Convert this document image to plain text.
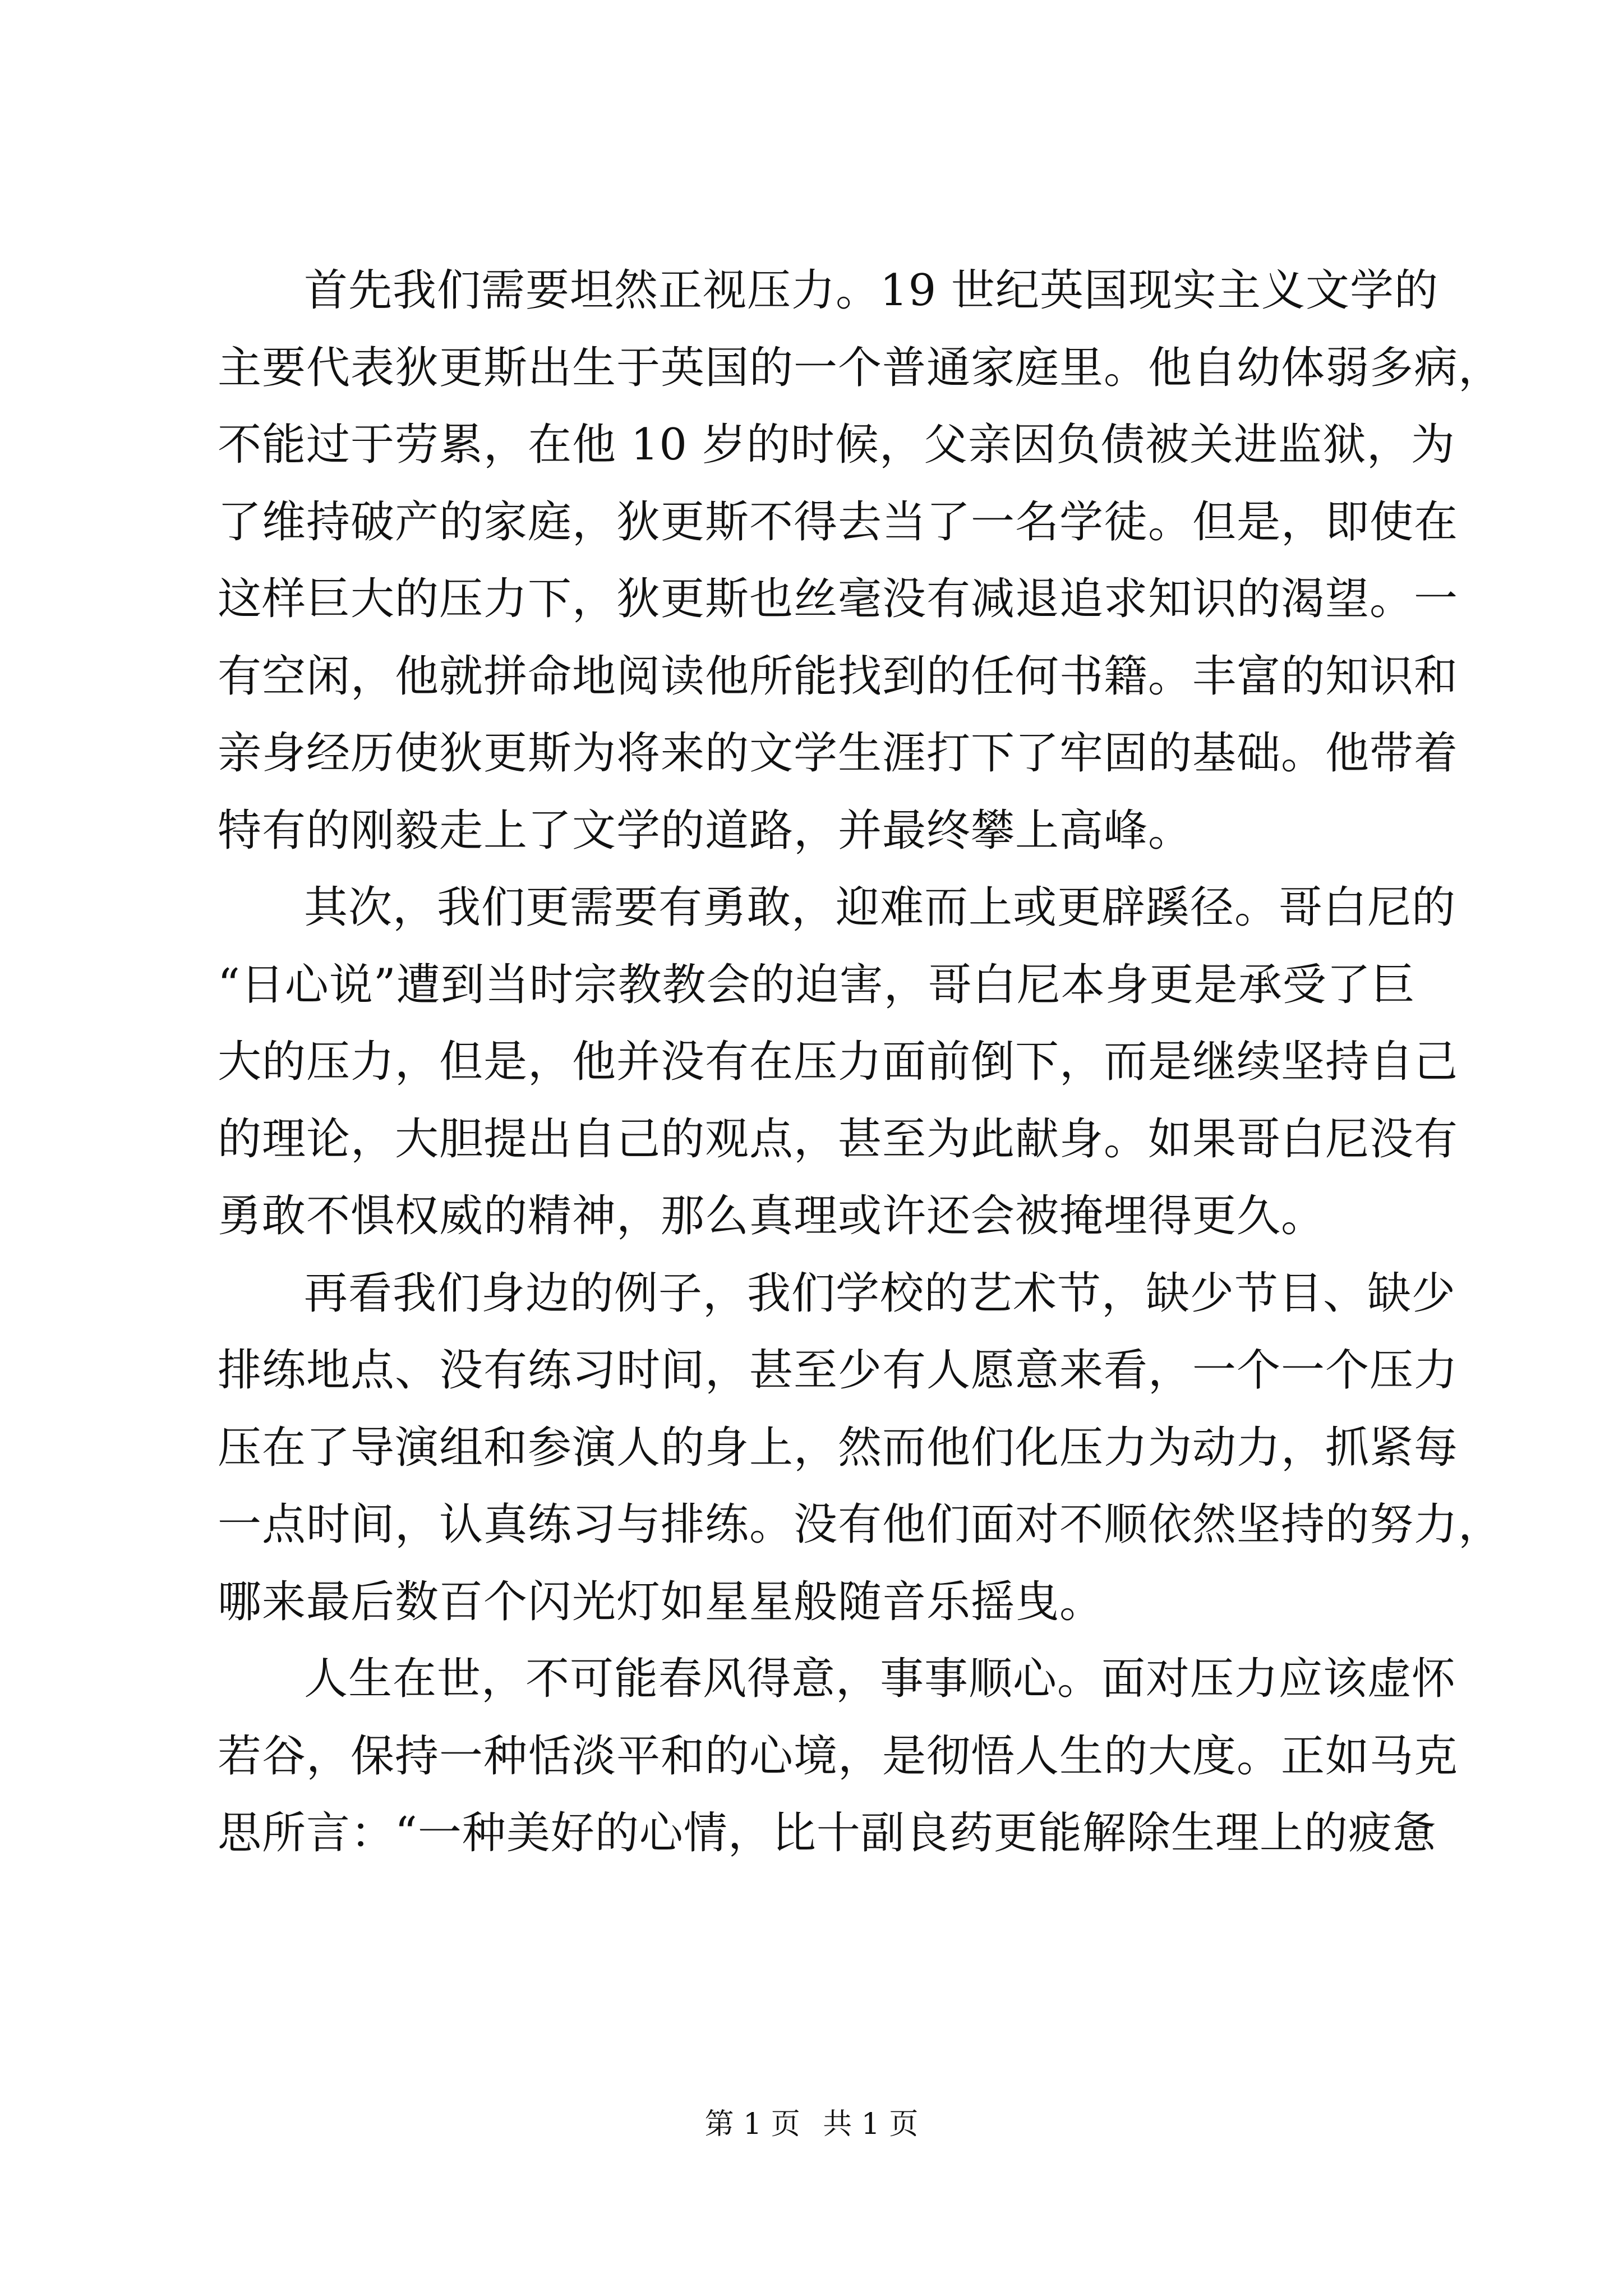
首先我们需要坦然正视压力。19 世纪英国现实主义文学的
主要代表狄更斯出生于英国的一个普通家庭里。他自幼体弱多病，
不能过于劳累，在他 10 岁的时候，父亲因负债被关进监狱，为
了维持破产的家庭，狄更斯不得去当了一名学徒。但是，即使在
这样巨大的压力下，狄更斯也丝毫没有减退追求知识的渴望。一
有空闲，他就拼命地阅读他所能找到的任何书籍。丰富的知识和
亲身经历使狄更斯为将来的文学生涯打下了牢固的基础。他带着
特有的刚毅走上了文学的道路，并最终攀上高峰。
其次，我们更需要有勇敢，迎难而上或更辟蹊径。哥白尼的
“日心说”遭到当时宗教教会的迫害，哥白尼本身更是承受了巨
大的压力，但是，他并没有在压力面前倒下，而是继续坚持自己
的理论，大胆提出自己的观点，甚至为此献身。如果哥白尼没有
勇敢不惧权威的精神，那么真理或许还会被掩埋得更久。
再看我们身边的例子，我们学校的艺术节，缺少节目、缺少
排练地点、没有练习时间，甚至少有人愿意来看，一个一个压力
压在了导演组和参演人的身上，然而他们化压力为动力，抓紧每
一点时间，认真练习与排练。没有他们面对不顺依然坚持的努力，
哪来最后数百个闪光灯如星星般随音乐摇曳。
人生在世，不可能春风得意，事事顺心。面对压力应该虚怀
若谷，保持一种恬淡平和的心境，是彻悟人生的大度。正如马克
思所言：“一种美好的心情，比十副良药更能解除生理上的疲惫
第 1 页 共 1 页
